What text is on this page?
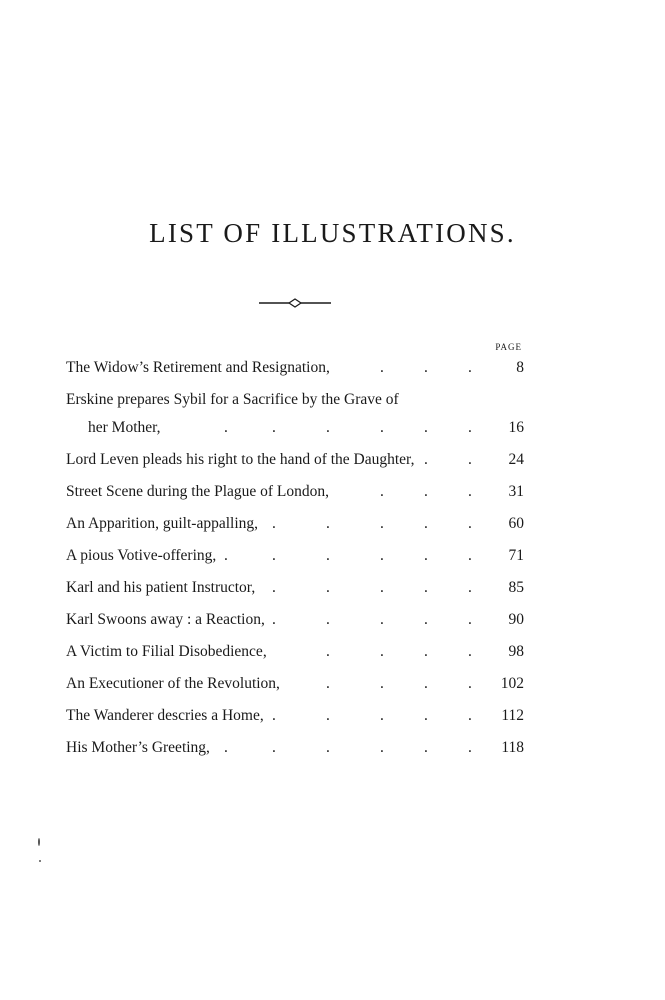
LIST OF ILLUSTRATIONS.
PAGE
The Widow’s Retirement and Resignation,	.	.	.	8
Erskine prepares Sybil for a Sacrifice by the Grave of
her Mother,	.	.	.	.	.	.	16
Lord Leven pleads his right to the hand of the Daughter, .	.	24
Street Scene during the Plague of London,	.	.	.	31
An Apparition, guilt-appalling, .	.	.	.	.	60
A pious Votive-offering, .	.	.	.	.	.	71
Karl and his patient Instructor, .	.	.	.	.	85
Karl Swoons away : a Reaction, .	.	.	.	.	90
A Victim to Filial Disobedience,	.	.	.	.	98
An Executioner of the Revolution,	.	.	.	.	102
The Wanderer descries a Home, .	.	.	.	.	112
His Mother’s Greeting, .	.	.	.	.	.	118
